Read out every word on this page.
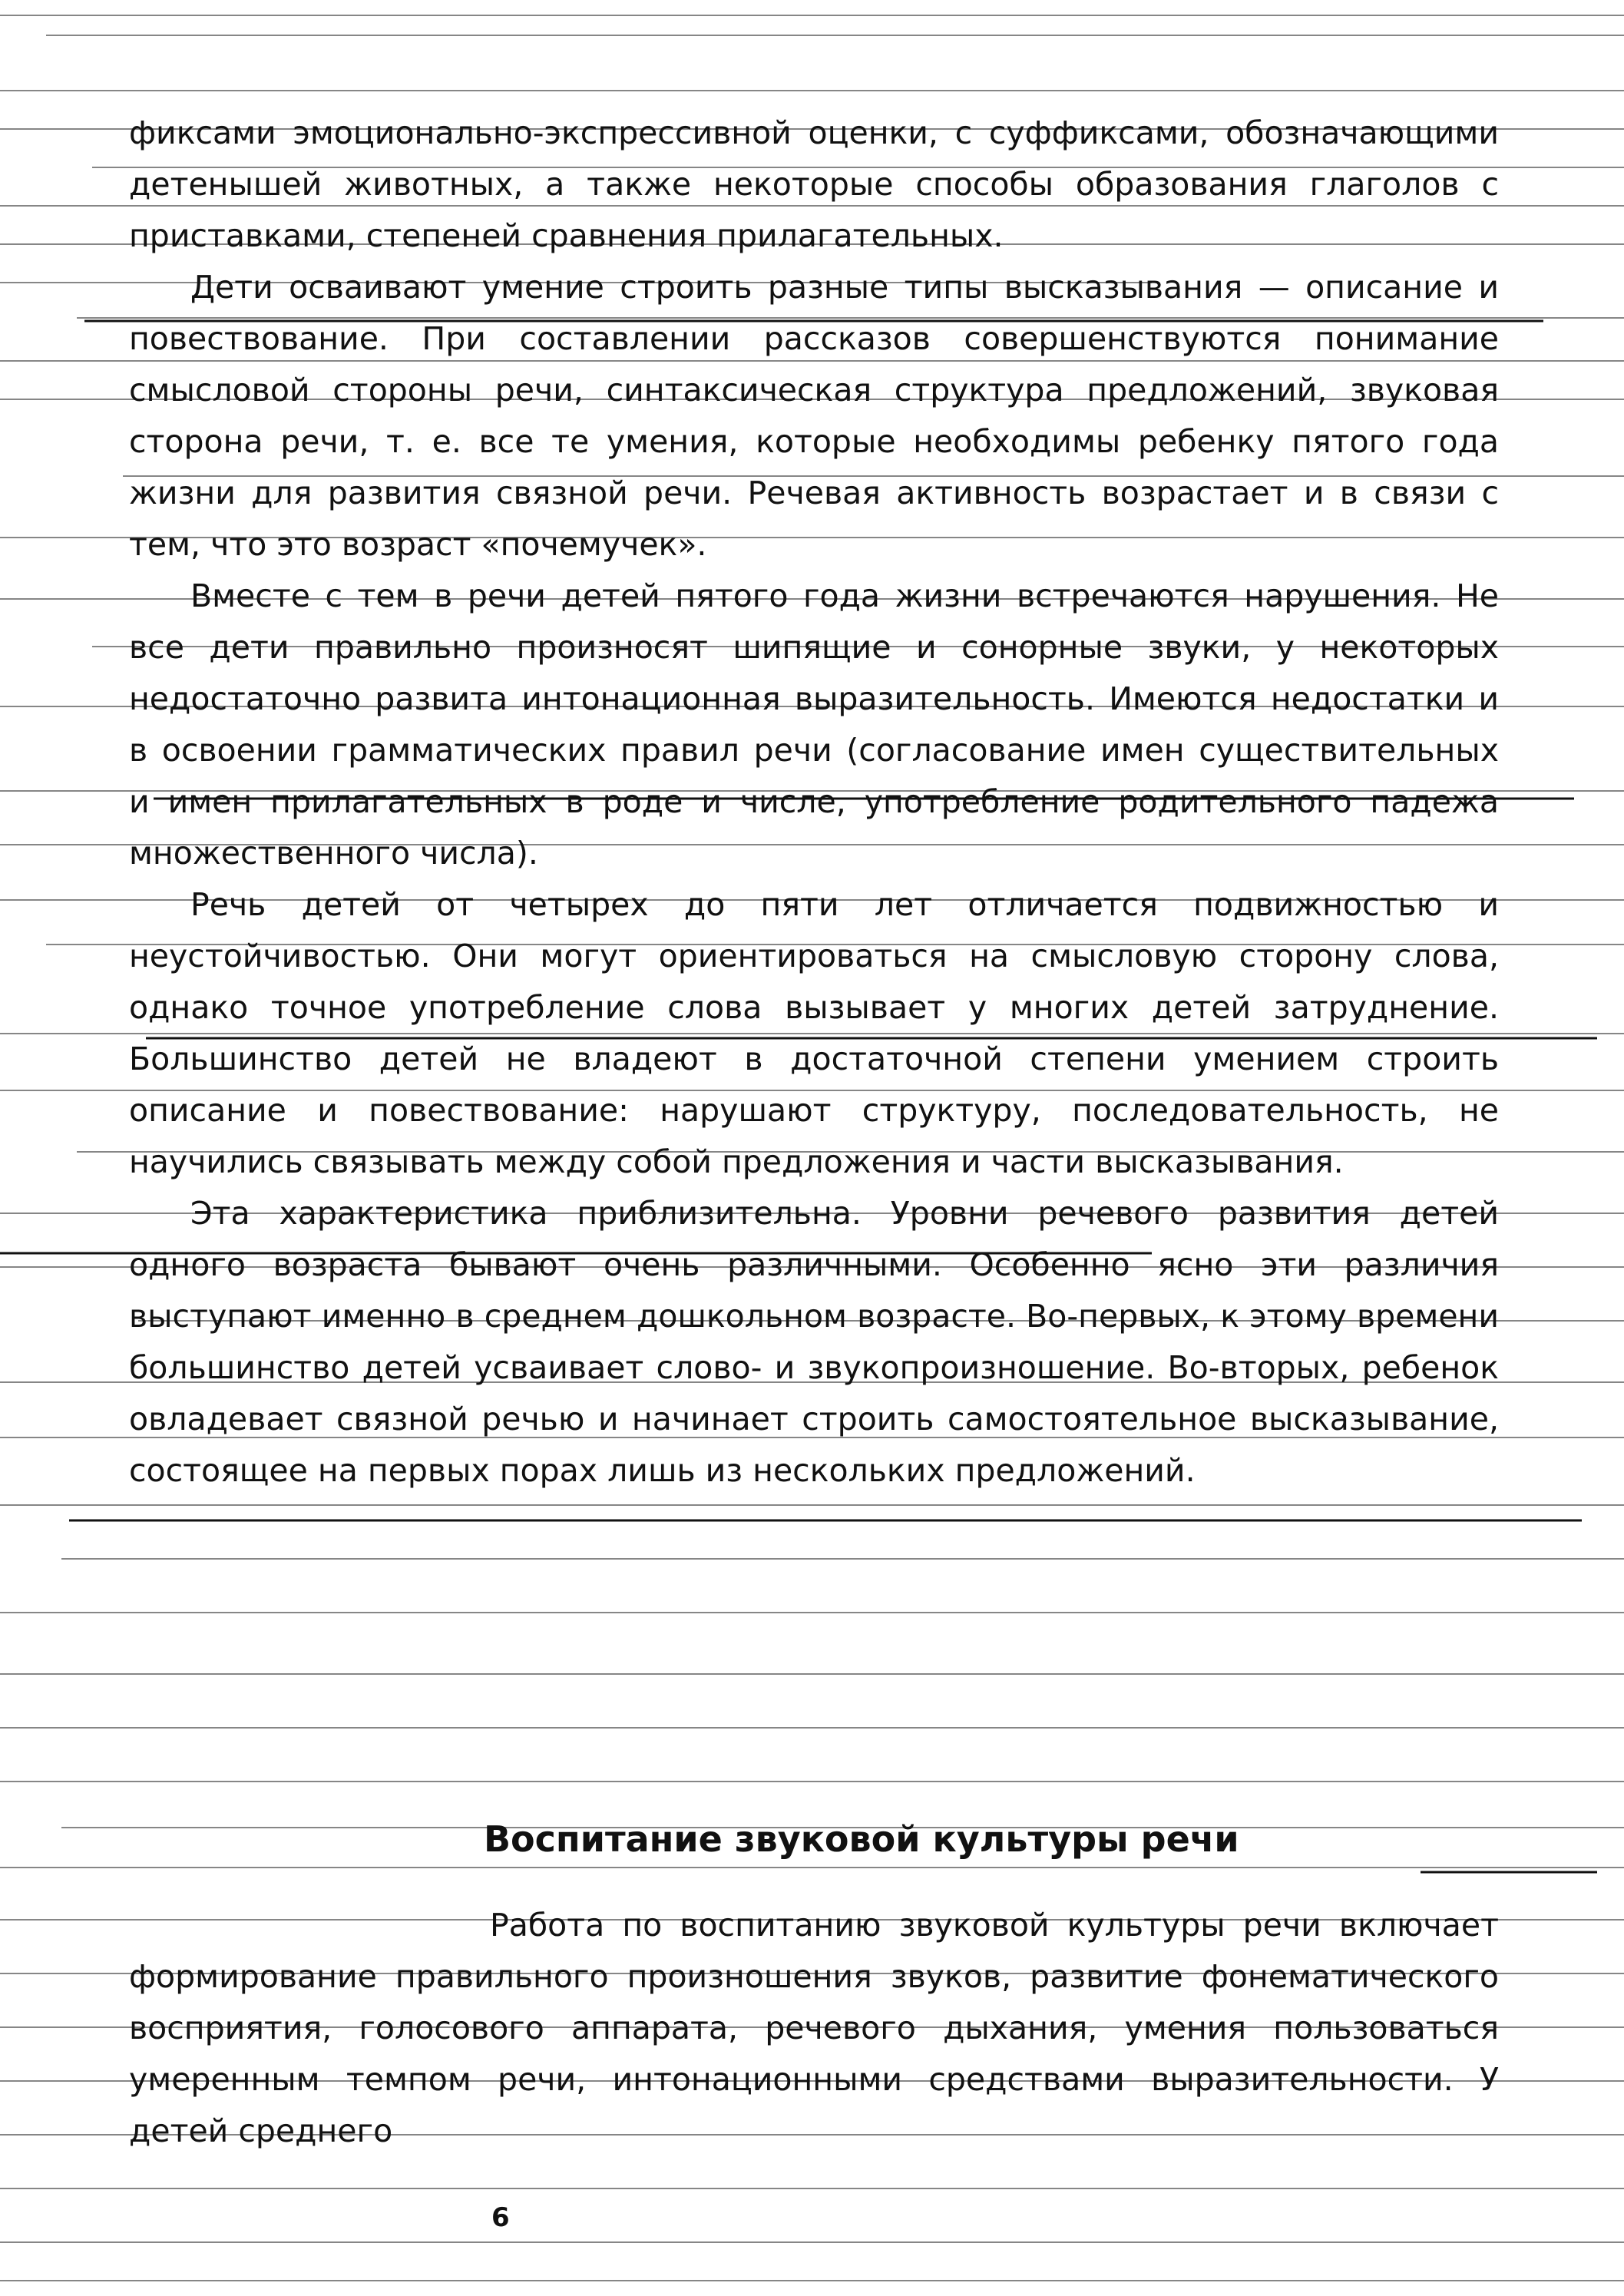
фиксами эмоционально-экспрессивной оценки, с суффиксами, обозначающими детенышей животных, а также некоторые способы образования глаголов с приставками, степеней сравнения прилагательных.

Дети осваивают умение строить разные типы высказывания — описание и повествование. При составлении рассказов совершенствуются понимание смысловой стороны речи, синтаксическая структура предложений, звуковая сторона речи, т. е. все те умения, которые необходимы ребенку пятого года жизни для развития связной речи. Речевая активность возрастает и в связи с тем, что это возраст «почемучек».

Вместе с тем в речи детей пятого года жизни встречаются нарушения. Не все дети правильно произносят шипящие и сонорные звуки, у некоторых недостаточно развита интонационная выразительность. Имеются недостатки и в освоении грамматических правил речи (согласование имен существительных и имен прилагательных в роде и числе, употребление родительного падежа множественного числа).

Речь детей от четырех до пяти лет отличается подвижностью и неустойчивостью. Они могут ориентироваться на смысловую сторону слова, однако точное употребление слова вызывает у многих детей затруднение. Большинство детей не владеют в достаточной степени умением строить описание и повествование: нарушают структуру, последовательность, не научились связывать между собой предложения и части высказывания.

Эта характеристика приблизительна. Уровни речевого развития детей одного возраста бывают очень различными. Особенно ясно эти различия выступают именно в среднем дошкольном возрасте. Во-первых, к этому времени большинство детей усваивает слово- и звукопроизношение. Во-вторых, ребенок овладевает связной речью и начинает строить самостоятельное высказывание, состоящее на первых порах лишь из нескольких предложений.

Воспитание звуковой культуры речи

Работа по воспитанию звуковой культуры речи включает формирование правильного произношения звуков, развитие фонематического восприятия, голосового аппарата, речевого дыхания, умения пользоваться умеренным темпом речи, интонационными средствами выразительности. У детей среднего

6
